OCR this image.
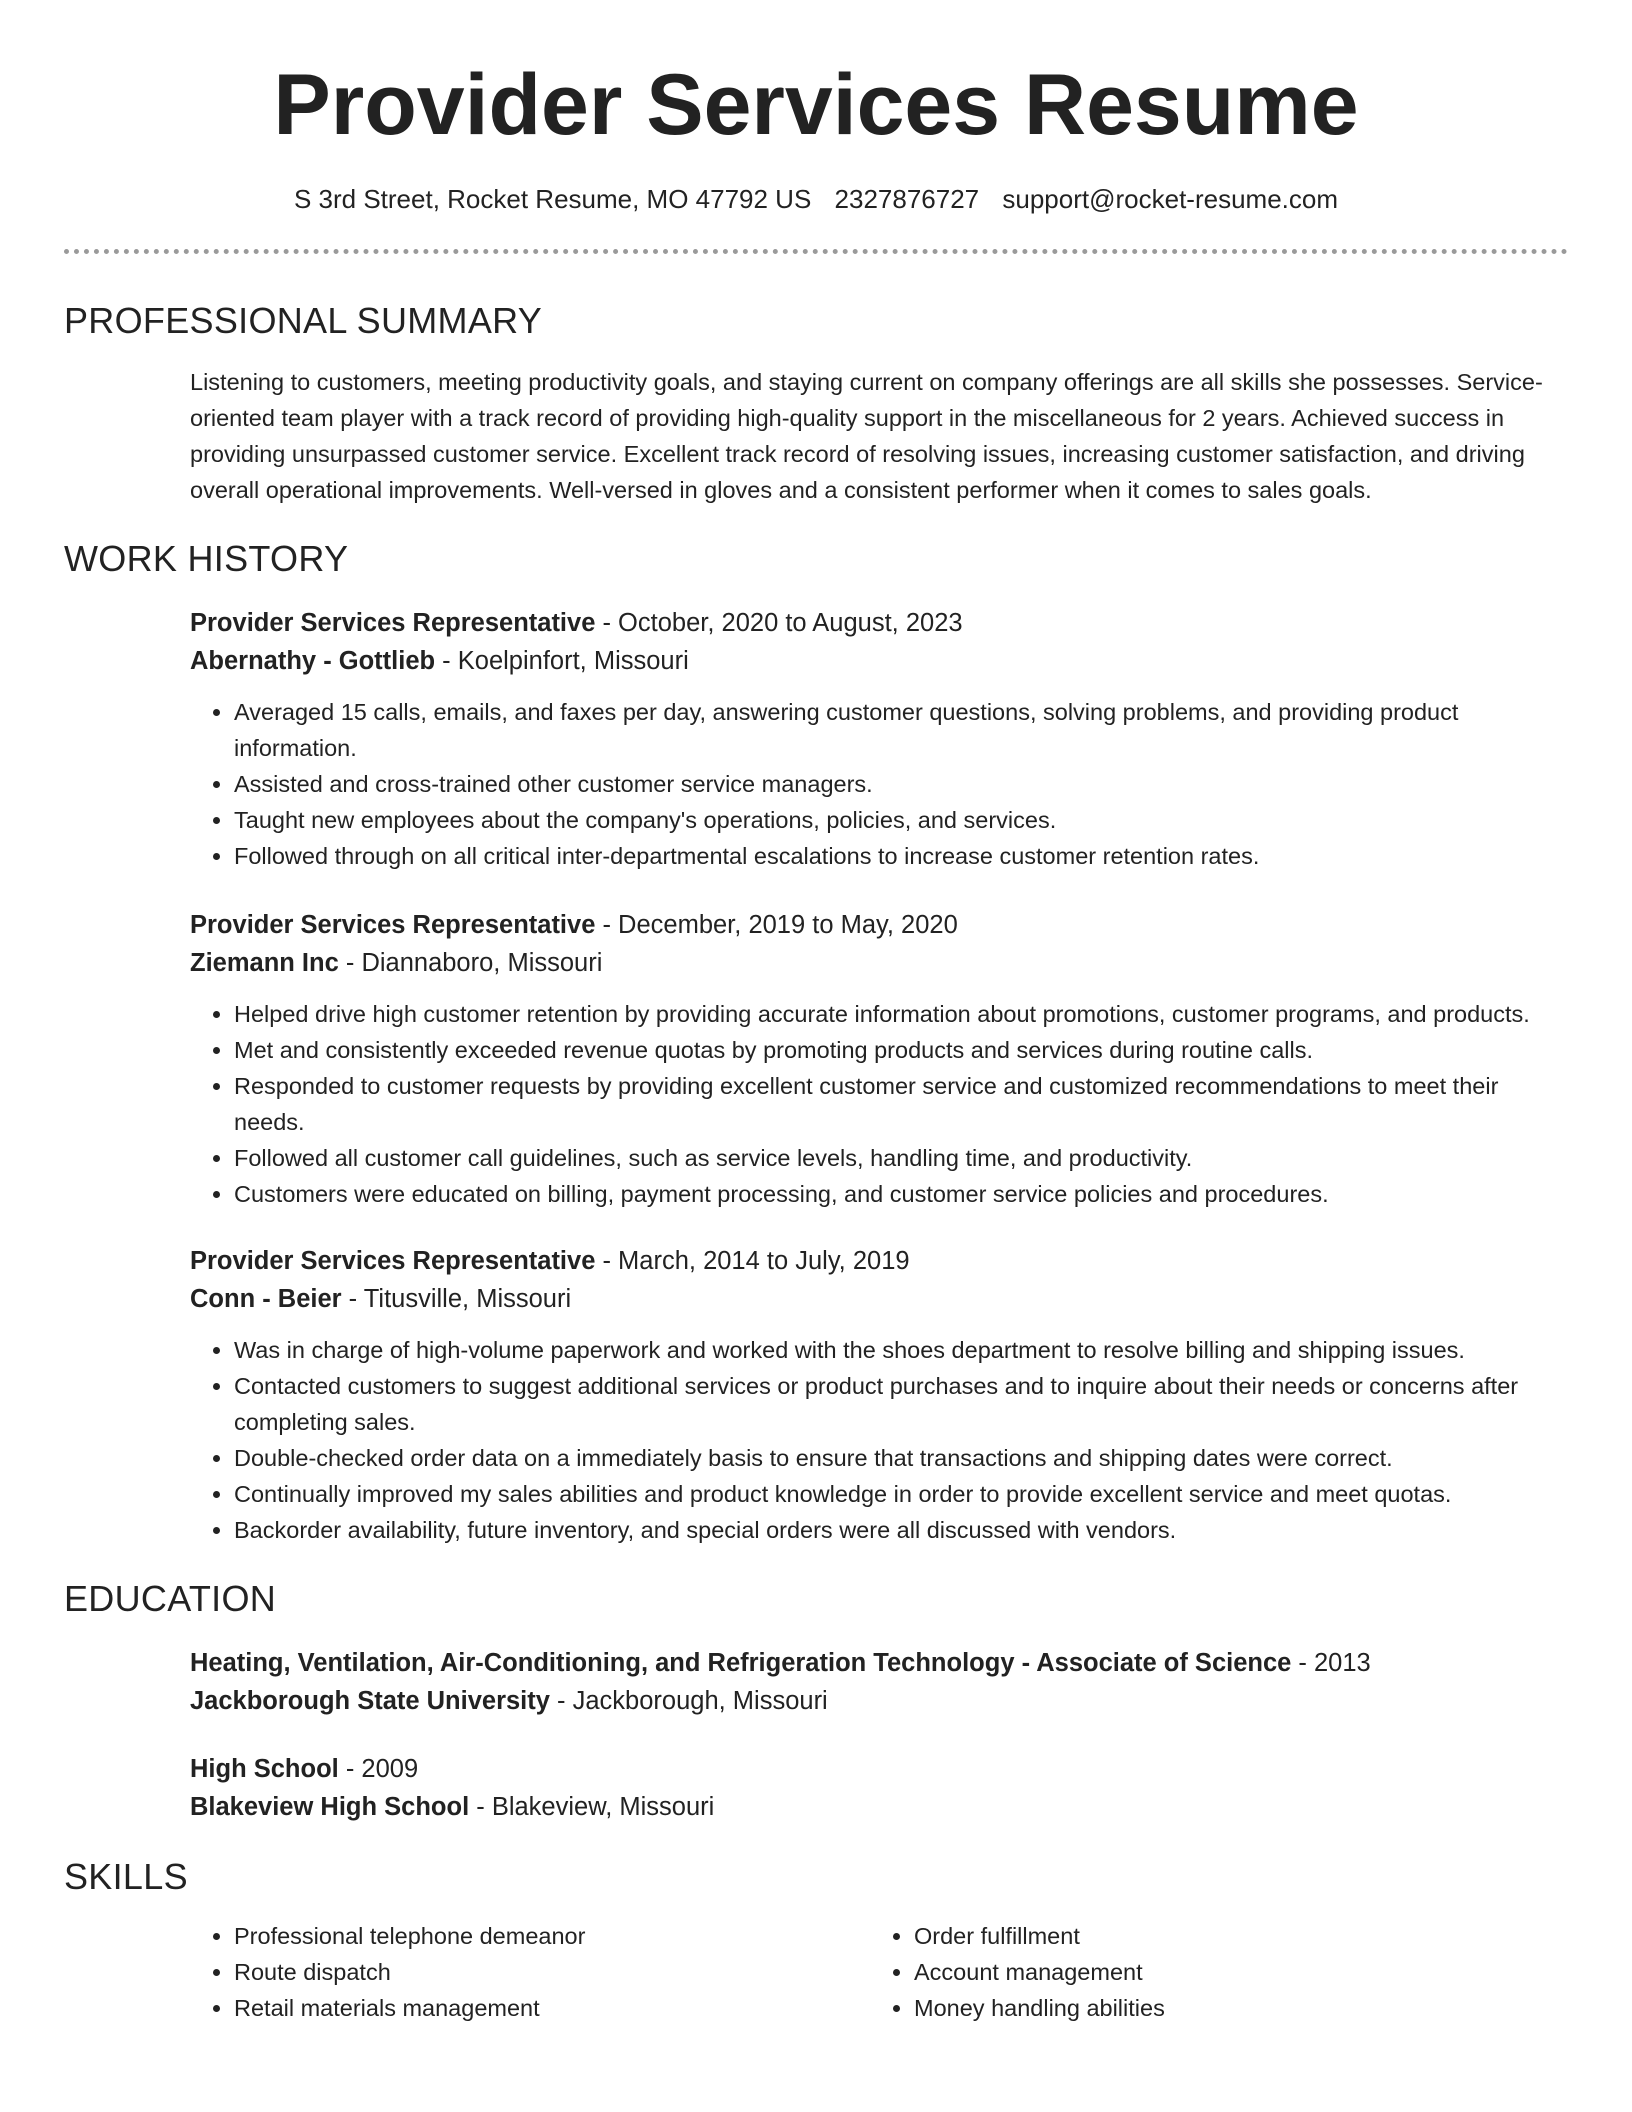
Provider Services Resume
S 3rd Street, Rocket Resume, MO 47792 US 2327876727 support@rocket-resume.com
PROFESSIONAL SUMMARY
Listening to customers, meeting productivity goals, and staying current on company offerings are all skills she possesses. Service-oriented team player with a track record of providing high-quality support in the miscellaneous for 2 years. Achieved success in providing unsurpassed customer service. Excellent track record of resolving issues, increasing customer satisfaction, and driving overall operational improvements. Well-versed in gloves and a consistent performer when it comes to sales goals.
WORK HISTORY
Provider Services Representative - October, 2020 to August, 2023
Abernathy - Gottlieb - Koelpinfort, Missouri
• Averaged 15 calls, emails, and faxes per day, answering customer questions, solving problems, and providing product information.
• Assisted and cross-trained other customer service managers.
• Taught new employees about the company's operations, policies, and services.
• Followed through on all critical inter-departmental escalations to increase customer retention rates.
Provider Services Representative - December, 2019 to May, 2020
Ziemann Inc - Diannaboro, Missouri
• Helped drive high customer retention by providing accurate information about promotions, customer programs, and products.
• Met and consistently exceeded revenue quotas by promoting products and services during routine calls.
• Responded to customer requests by providing excellent customer service and customized recommendations to meet their needs.
• Followed all customer call guidelines, such as service levels, handling time, and productivity.
• Customers were educated on billing, payment processing, and customer service policies and procedures.
Provider Services Representative - March, 2014 to July, 2019
Conn - Beier - Titusville, Missouri
• Was in charge of high-volume paperwork and worked with the shoes department to resolve billing and shipping issues.
• Contacted customers to suggest additional services or product purchases and to inquire about their needs or concerns after completing sales.
• Double-checked order data on a immediately basis to ensure that transactions and shipping dates were correct.
• Continually improved my sales abilities and product knowledge in order to provide excellent service and meet quotas.
• Backorder availability, future inventory, and special orders were all discussed with vendors.
EDUCATION
Heating, Ventilation, Air-Conditioning, and Refrigeration Technology - Associate of Science - 2013
Jackborough State University - Jackborough, Missouri
High School - 2009
Blakeview High School - Blakeview, Missouri
SKILLS
• Professional telephone demeanor
• Route dispatch
• Retail materials management
• Order fulfillment
• Account management
• Money handling abilities
